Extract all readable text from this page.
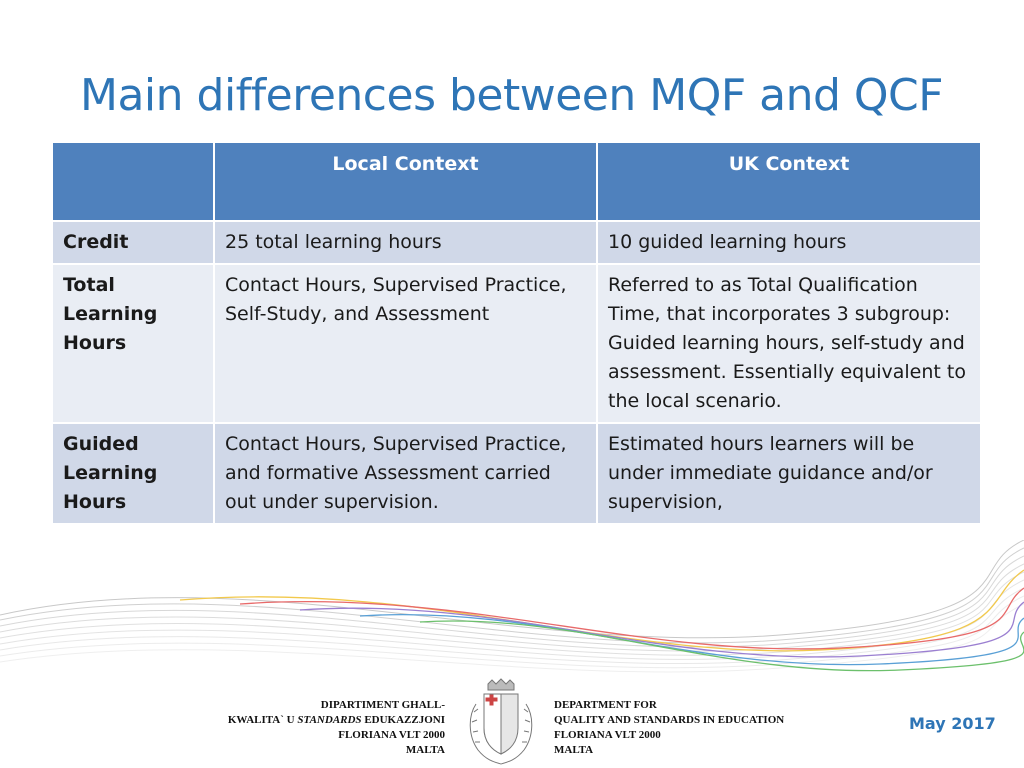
Main differences between MQF and QCF
	Local Context	UK Context
Credit	25 total learning hours	10 guided learning hours
Total Learning Hours	Contact Hours, Supervised Practice, Self-Study, and Assessment	Referred to as Total Qualification Time, that incorporates 3 subgroup: Guided learning hours, self-study and assessment. Essentially equivalent to the local scenario.
Guided Learning Hours	Contact Hours, Supervised Practice, and formative Assessment carried out under supervision.	Estimated hours learners will be under immediate guidance and/or supervision,
DIPARTIMENT GHALL-
KWALITA` U STANDARDS EDUKAZZJONI
FLORIANA VLT 2000
MALTA
DEPARTMENT FOR
QUALITY AND STANDARDS IN EDUCATION
FLORIANA VLT 2000
MALTA
May 2017
